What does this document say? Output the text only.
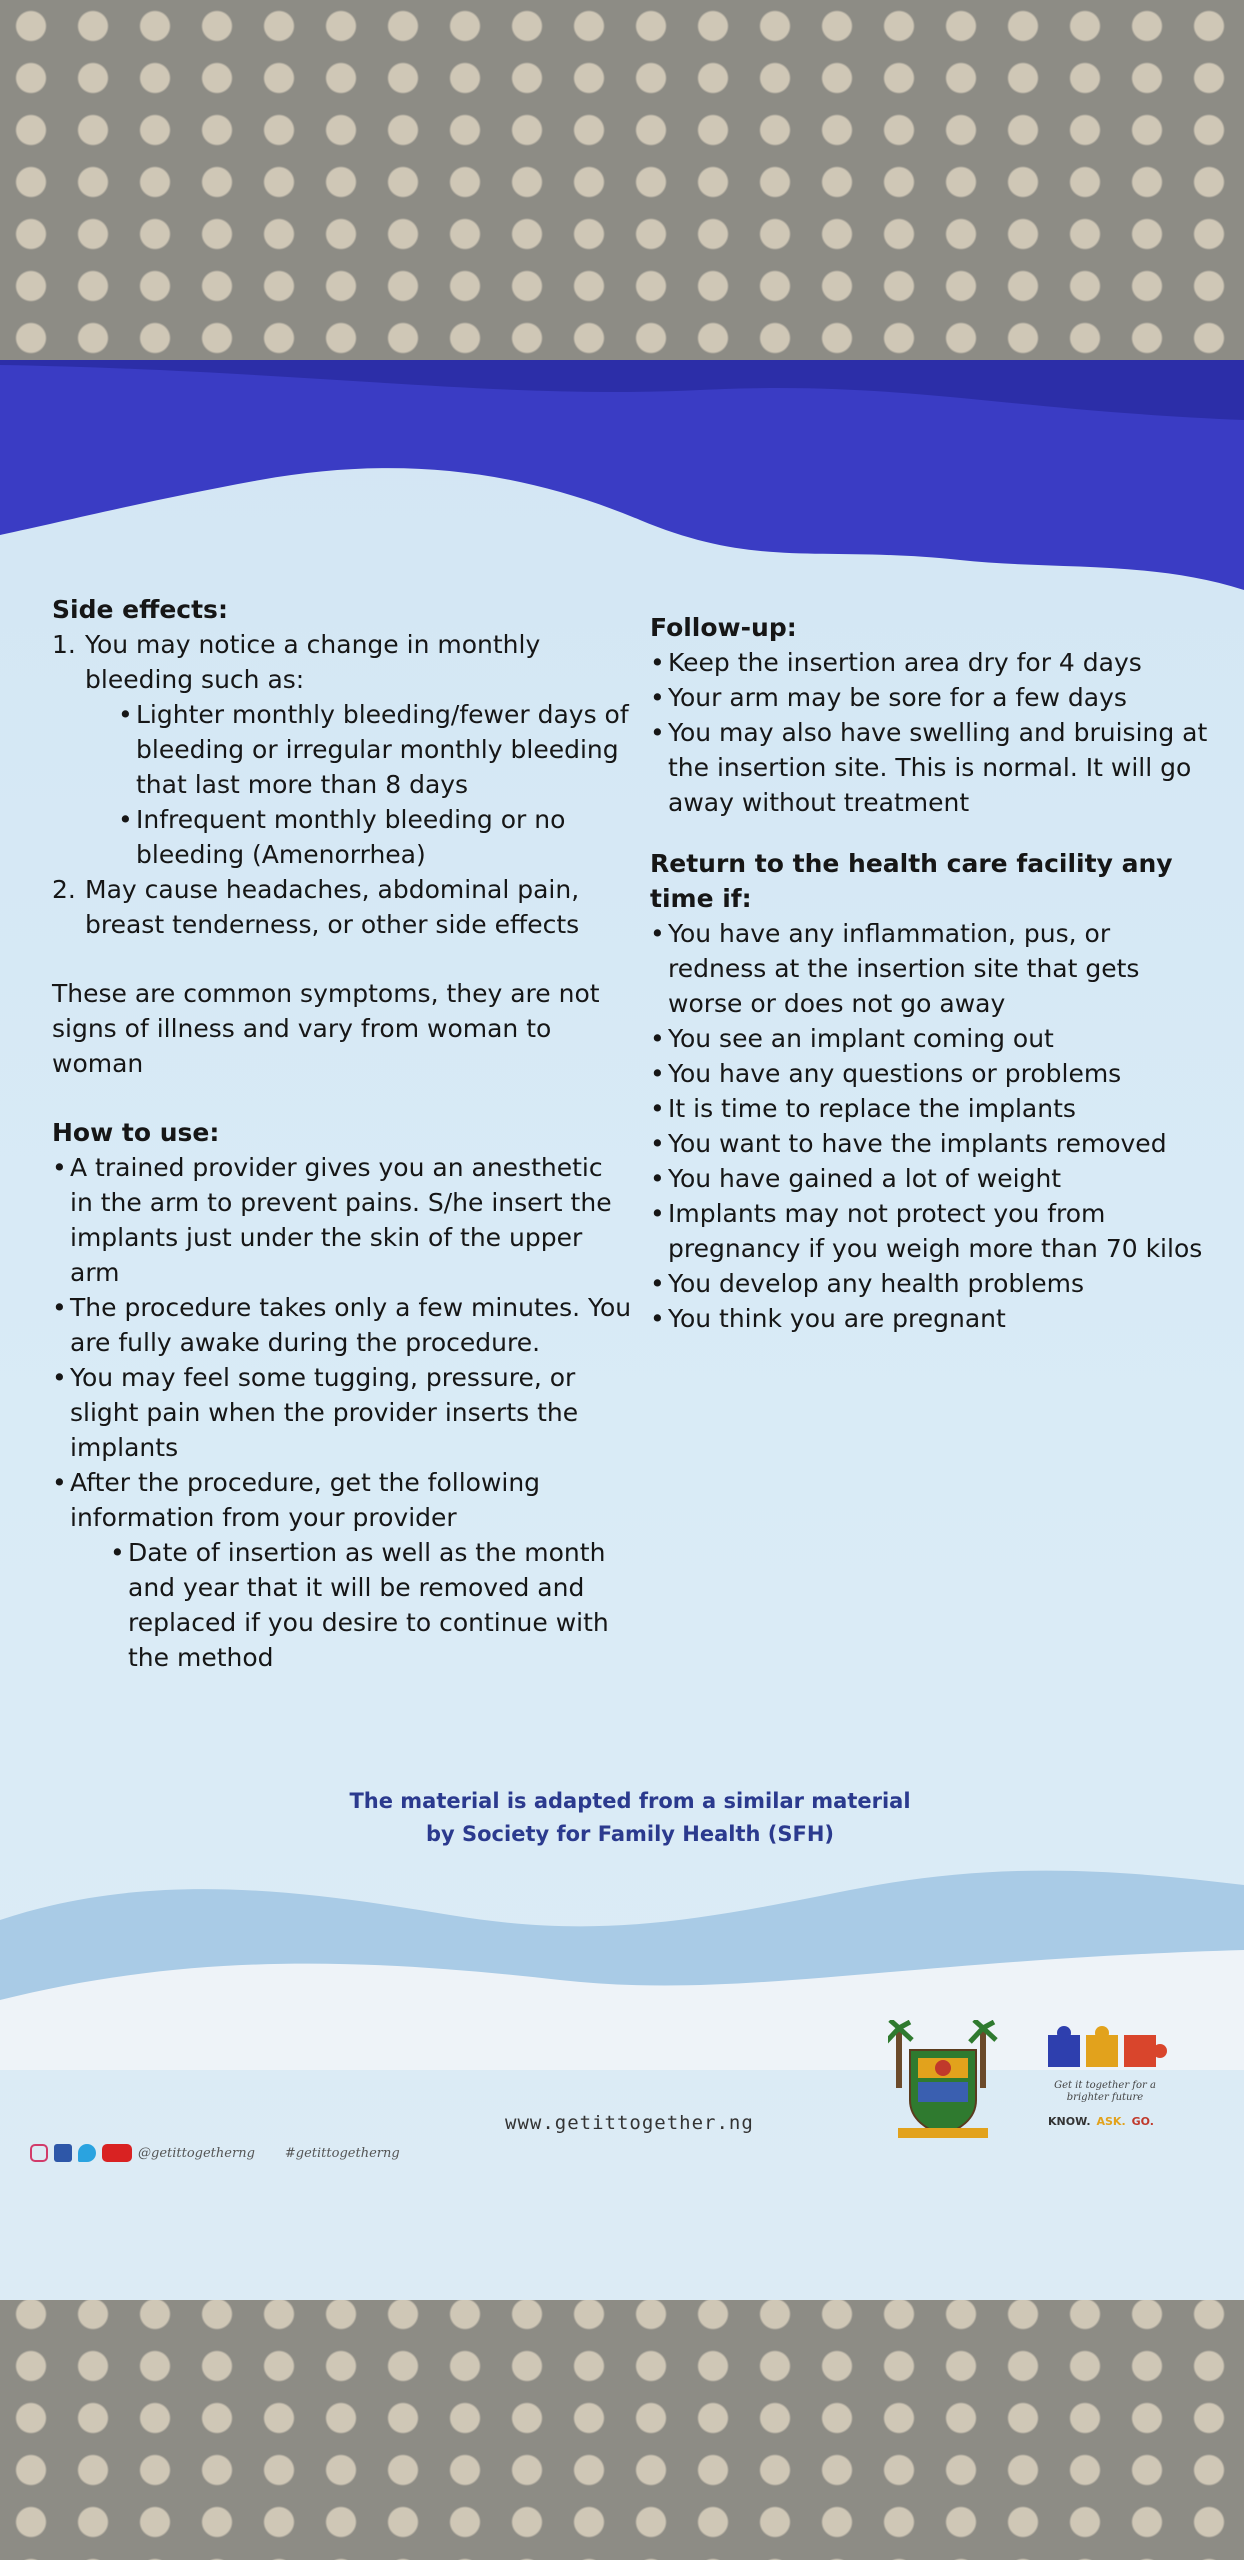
Side effects:
1. You may notice a change in monthly bleeding such as:
• Lighter monthly bleeding/fewer days of bleeding or irregular monthly bleeding that last more than 8 days
• Infrequent monthly bleeding or no bleeding (Amenorrhea)
2. May cause headaches, abdominal pain, breast tenderness, or other side effects
These are common symptoms, they are not signs of illness and vary from woman to woman
How to use:
• A trained provider gives you an anesthetic in the arm to prevent pains. S/he insert the implants just under the skin of the upper arm
• The procedure takes only a few minutes. You are fully awake during the procedure.
• You may feel some tugging, pressure, or slight pain when the provider inserts the implants
• After the procedure, get the following information from your provider
• Date of insertion as well as the month and year that it will be removed and replaced if you desire to continue with the method
Follow-up:
• Keep the insertion area dry for 4 days
• Your arm may be sore for a few days
• You may also have swelling and bruising at the insertion site. This is normal. It will go away without treatment
Return to the health care facility any time if:
• You have any inflammation, pus, or redness at the insertion site that gets worse or does not go away
• You see an implant coming out
• You have any questions or problems
• It is time to replace the implants
• You want to have the implants removed
• You have gained a lot of weight
• Implants may not protect you from pregnancy if you weigh more than 70 kilos
• You develop any health problems
• You think you are pregnant
The material is adapted from a similar material
by Society for Family Health (SFH)
@getittogetherng #getittogetherng
www.getittogether.ng
Get it together for a brighter future
KNOW. ASK. GO.
